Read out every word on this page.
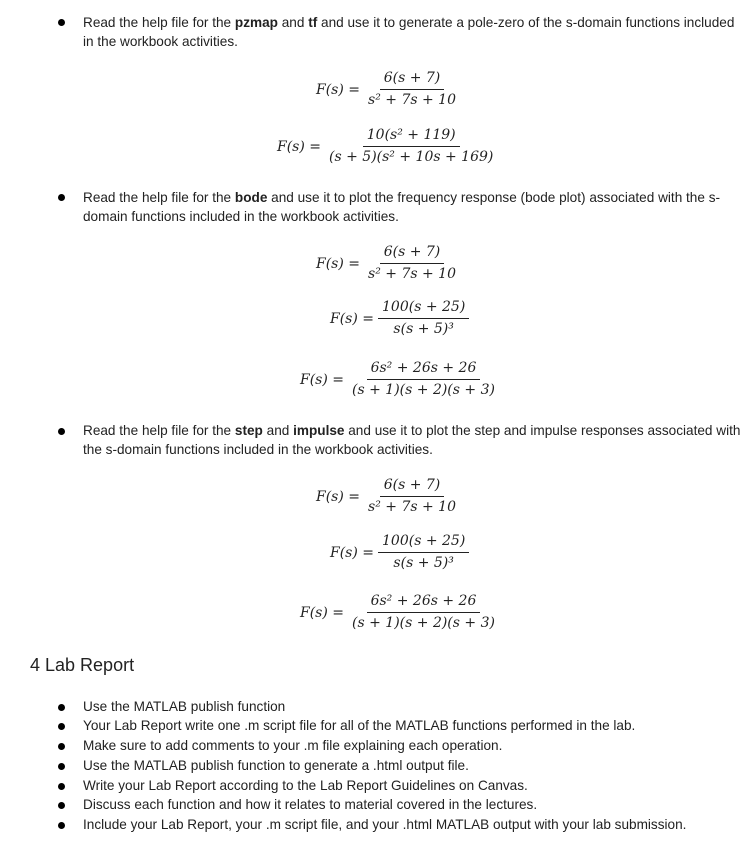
Read the help file for the pzmap and tf and use it to generate a pole-zero of the s-domain functions included in the workbook activities.
$F(s) = \frac{6(s + 7)}{\text{s² + 7s + 10}}$
$F(s) = \frac{\text{10(s² + 119)}}{\text{(s + 5)(s² + 10s + 169)}}$
Read the help file for the bode and use it to plot the frequency response (bode plot) associated with the s-domain functions included in the workbook activities.
$F(s) = \frac{6(s + 7)}{\text{s² + 7s + 10}}$
$F(s) = \frac{100(s + 25)}{\text{s(s + 5)³}}$
$F(s) = \frac{\text{6s² + 26s + 26}}{(s + 1)(s + 2)(s + 3)}$
Read the help file for the step and impulse and use it to plot the step and impulse responses associated with the s-domain functions included in the workbook activities.
$F(s) = \frac{6(s + 7)}{\text{s² + 7s + 10}}$
$F(s) = \frac{100(s + 25)}{\text{s(s + 5)³}}$
$F(s) = \frac{\text{6s² + 26s + 26}}{(s + 1)(s + 2)(s + 3)}$
4 Lab Report
Use the MATLAB publish function
Your Lab Report write one .m script file for all of the MATLAB functions performed in the lab.
Make sure to add comments to your .m file explaining each operation.
Use the MATLAB publish function to generate a .html output file.
Write your Lab Report according to the Lab Report Guidelines on Canvas.
Discuss each function and how it relates to material covered in the lectures.
Include your Lab Report, your .m script file, and your .html MATLAB output with your lab submission.
